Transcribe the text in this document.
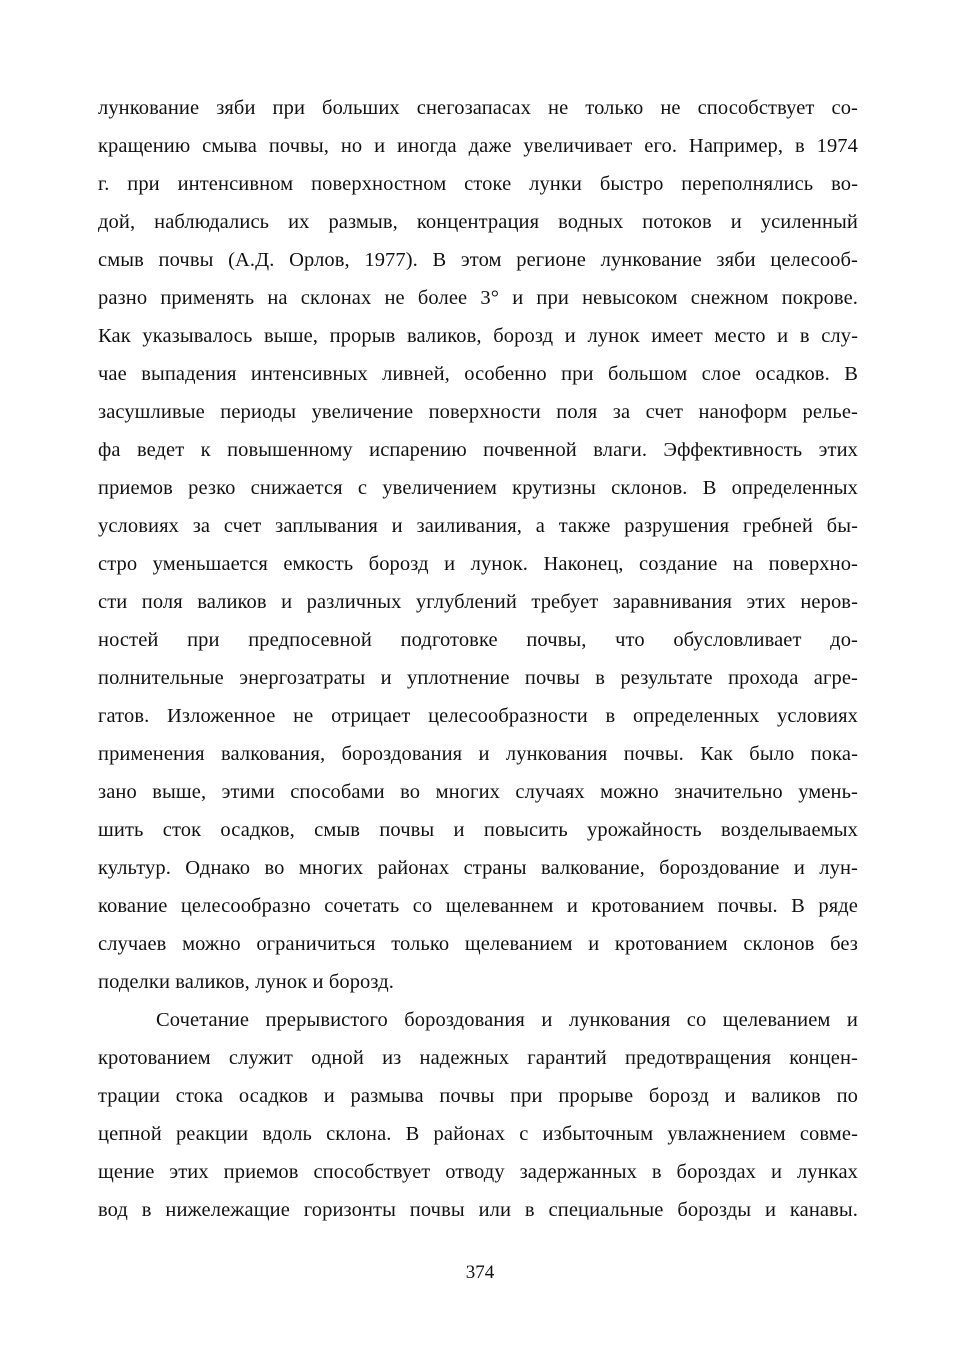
лункование зяби при больших снегозапасах не только не способствует со-
кращению смыва почвы, но и иногда даже увеличивает его. Например, в 1974
г. при интенсивном поверхностном стоке лунки быстро переполнялись во-
дой, наблюдались их размыв, концентрация водных потоков и усиленный
смыв почвы (А.Д. Орлов, 1977). В этом регионе лункование зяби целесооб-
разно применять на склонах не более 3° и при невысоком снежном покрове.
Как указывалось выше, прорыв валиков, борозд и лунок имеет место и в слу-
чае выпадения интенсивных ливней, особенно при большом слое осадков. В
засушливые периоды увеличение поверхности поля за счет наноформ релье-
фа ведет к повышенному испарению почвенной влаги. Эффективность этих
приемов резко снижается с увеличением крутизны склонов. В определенных
условиях за счет заплывания и заиливания, а также разрушения гребней бы-
стро уменьшается емкость борозд и лунок. Наконец, создание на поверхно-
сти поля валиков и различных углублений требует заравнивания этих неров-
ностей при предпосевной подготовке почвы, что обусловливает до-
полнительные энергозатраты и уплотнение почвы в результате прохода агре-
гатов. Изложенное не отрицает целесообразности в определенных условиях
применения валкования, бороздования и лункования почвы. Как было пока-
зано выше, этими способами во многих случаях можно значительно умень-
шить сток осадков, смыв почвы и повысить урожайность возделываемых
культур. Однако во многих районах страны валкование, бороздование и лун-
кование целесообразно сочетать со щелеваннем и кротованием почвы. В ряде
случаев можно ограничиться только щелеванием и кротованием склонов без
поделки валиков, лунок и борозд.
Сочетание прерывистого бороздования и лункования со щелеванием и
кротованием служит одной из надежных гарантий предотвращения концен-
трации стока осадков и размыва почвы при прорыве борозд и валиков по
цепной реакции вдоль склона. В районах с избыточным увлажнением совме-
щение этих приемов способствует отводу задержанных в бороздах и лунках
вод в нижележащие горизонты почвы или в специальные борозды и канавы.
374
